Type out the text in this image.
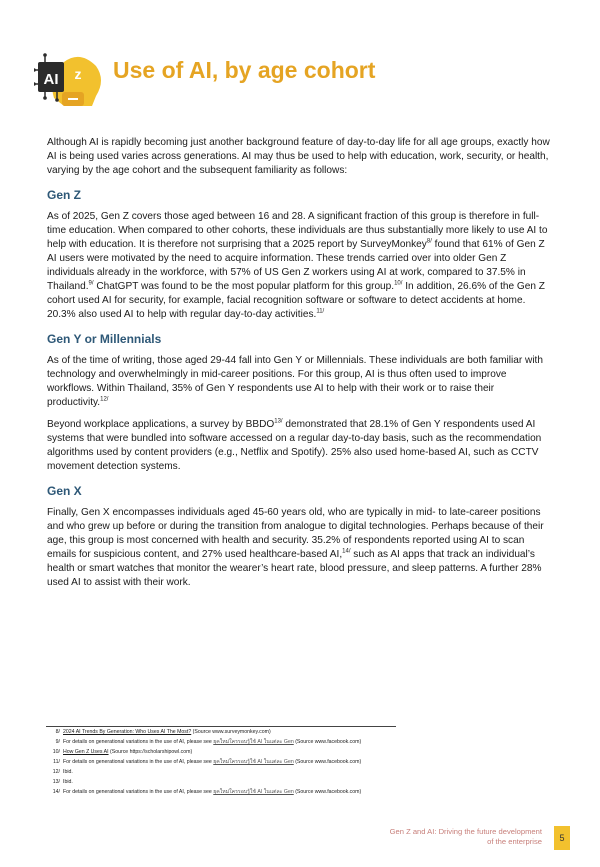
AI z Use of AI, by age cohort

Although AI is rapidly becoming just another background feature of day-to-day life for all age groups, exactly how AI is being used varies across generations. AI may thus be used to help with education, work, security, or health, varying by the age cohort and the subsequent familiarity as follows:

Gen Z

As of 2025, Gen Z covers those aged between 16 and 28. A significant fraction of this group is therefore in full-time education. When compared to other cohorts, these individuals are thus substantially more likely to use AI to help with education. It is therefore not surprising that a 2025 report by SurveyMonkey$^{8/}$ found that 61% of Gen Z AI users were motivated by the need to acquire information. These trends carried over into older Gen Z individuals already in the workforce, with 57% of US Gen Z workers using AI at work, compared to 37.5% in Thailand.$^{9/}$ ChatGPT was found to be the most popular platform for this group.$^{10/}$ In addition, 26.6% of the Gen Z cohort used AI for security, for example, facial recognition software or software to detect accidents at home. 20.3% also used AI to help with regular day-to-day activities.$^{11/}$

Gen Y or Millennials

As of the time of writing, those aged 29-44 fall into Gen Y or Millennials. These individuals are both familiar with technology and overwhelmingly in mid-career positions. For this group, AI is thus often used to improve workflows. Within Thailand, 35% of Gen Y respondents use AI to help with their work or to raise their productivity.$^{12/}$

Beyond workplace applications, a survey by $BBDO^{13/}$ demonstrated that 28.1% of Gen Y respondents used AI systems that were bundled into software accessed on a regular day-to-day basis, such as the recommendation algorithms used by content providers (e.g., Netflix and Spotify). 25% also used home-based AI, such as CCTV movement detection systems.

Gen X

Finally, Gen X encompasses individuals aged 45-60 years old, who are typically in mid- to late-career positions and who grew up before or during the transition from analogue to digital technologies. Perhaps because of their age, this group is most concerned with health and security. 35.2% of respondents reported using AI to scan emails for suspicious content, and 27% used healthcare-based AI,$^{14/}$ such as AI apps that track an individual’s health or smart watches that monitor the wearer’s heart rate, blood pressure, and sleep patterns. A further 28% used AI to assist with their work.

8/ 2024 AI Trends By Generation: Who Uses AI The Most? (Source www.surveymonkey.com)
9/ For details on generational variations in the use of AI, please see ยุคใหม่ใครรอบรู้ใช้ AI ในแต่ละ Gen (Source www.facebook.com)
10/ How Gen Z Uses AI (Source https://scholarshipowl.com)
11/ For details on generational variations in the use of AI, please see ยุคใหม่ใครรอบรู้ใช้ AI ในแต่ละ Gen (Source www.facebook.com)
12/ Ibid.
13/ Ibid.
14/ For details on generational variations in the use of AI, please see ยุคใหม่ใครรอบรู้ใช้ AI ในแต่ละ Gen (Source www.facebook.com)
Gen Z and AI: Driving the future development
of the enterprise	5
